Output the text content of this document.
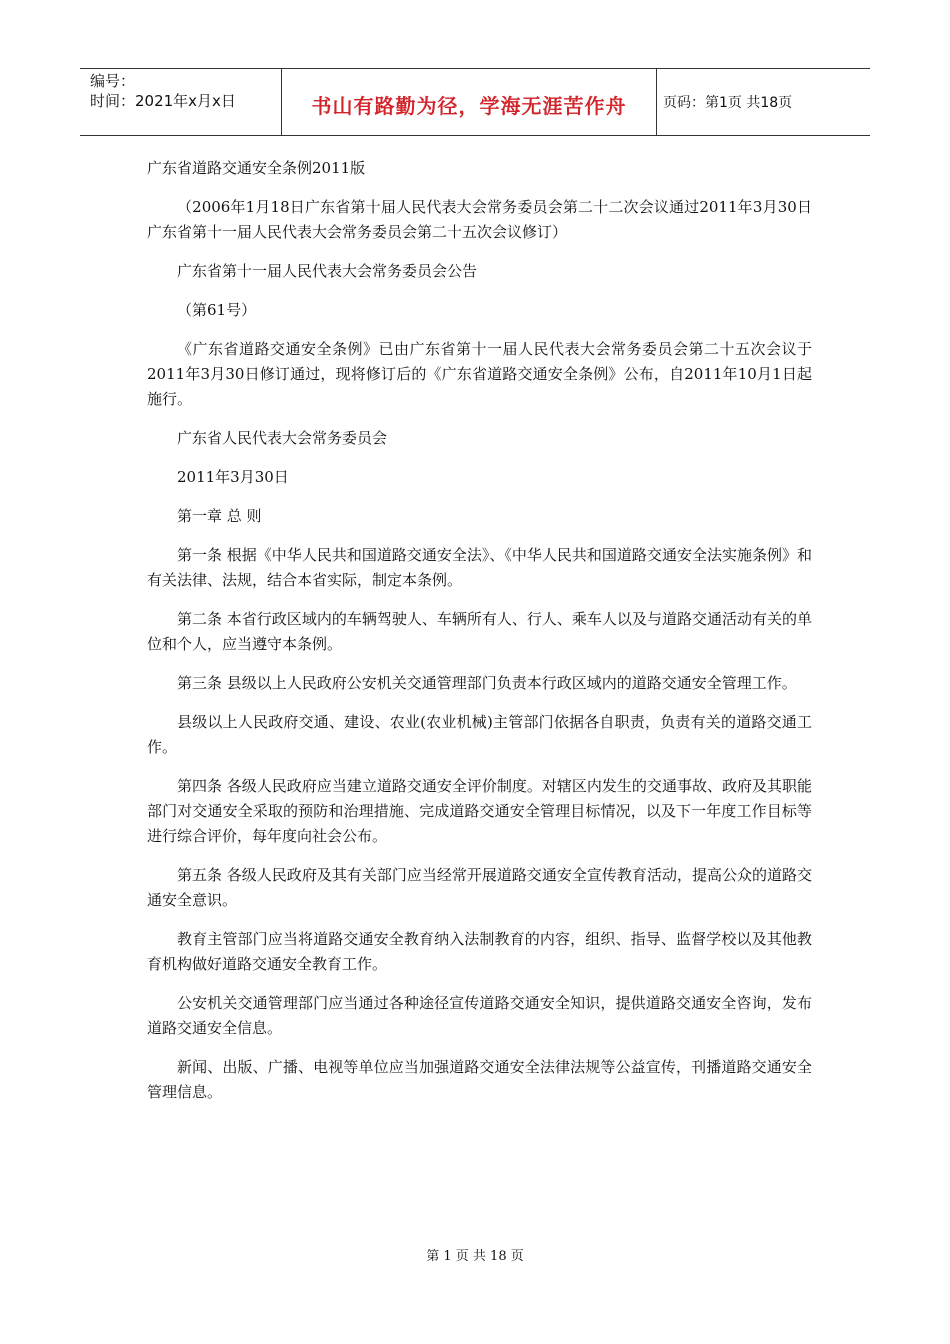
编号：
时间：2021年x月x日	书山有路勤为径，学海无涯苦作舟	页码：第1页 共18页

广东省道路交通安全条例2011版

（2006年1月18日广东省第十届人民代表大会常务委员会第二十二次会议通过2011年3月30日广东省第十一届人民代表大会常务委员会第二十五次会议修订）

广东省第十一届人民代表大会常务委员会公告

（第61号）

《广东省道路交通安全条例》已由广东省第十一届人民代表大会常务委员会第二十五次会议于2011年3月30日修订通过，现将修订后的《广东省道路交通安全条例》公布，自2011年10月1日起施行。

广东省人民代表大会常务委员会

2011年3月30日

第一章 总 则

第一条 根据《中华人民共和国道路交通安全法》、《中华人民共和国道路交通安全法实施条例》和有关法律、法规，结合本省实际，制定本条例。

第二条 本省行政区域内的车辆驾驶人、车辆所有人、行人、乘车人以及与道路交通活动有关的单位和个人，应当遵守本条例。

第三条 县级以上人民政府公安机关交通管理部门负责本行政区域内的道路交通安全管理工作。

县级以上人民政府交通、建设、农业(农业机械)主管部门依据各自职责，负责有关的道路交通工作。

第四条 各级人民政府应当建立道路交通安全评价制度。对辖区内发生的交通事故、政府及其职能部门对交通安全采取的预防和治理措施、完成道路交通安全管理目标情况，以及下一年度工作目标等进行综合评价，每年度向社会公布。

第五条 各级人民政府及其有关部门应当经常开展道路交通安全宣传教育活动，提高公众的道路交通安全意识。

教育主管部门应当将道路交通安全教育纳入法制教育的内容，组织、指导、监督学校以及其他教育机构做好道路交通安全教育工作。

公安机关交通管理部门应当通过各种途径宣传道路交通安全知识，提供道路交通安全咨询，发布道路交通安全信息。

新闻、出版、广播、电视等单位应当加强道路交通安全法律法规等公益宣传，刊播道路交通安全管理信息。

第 1 页 共 18 页
